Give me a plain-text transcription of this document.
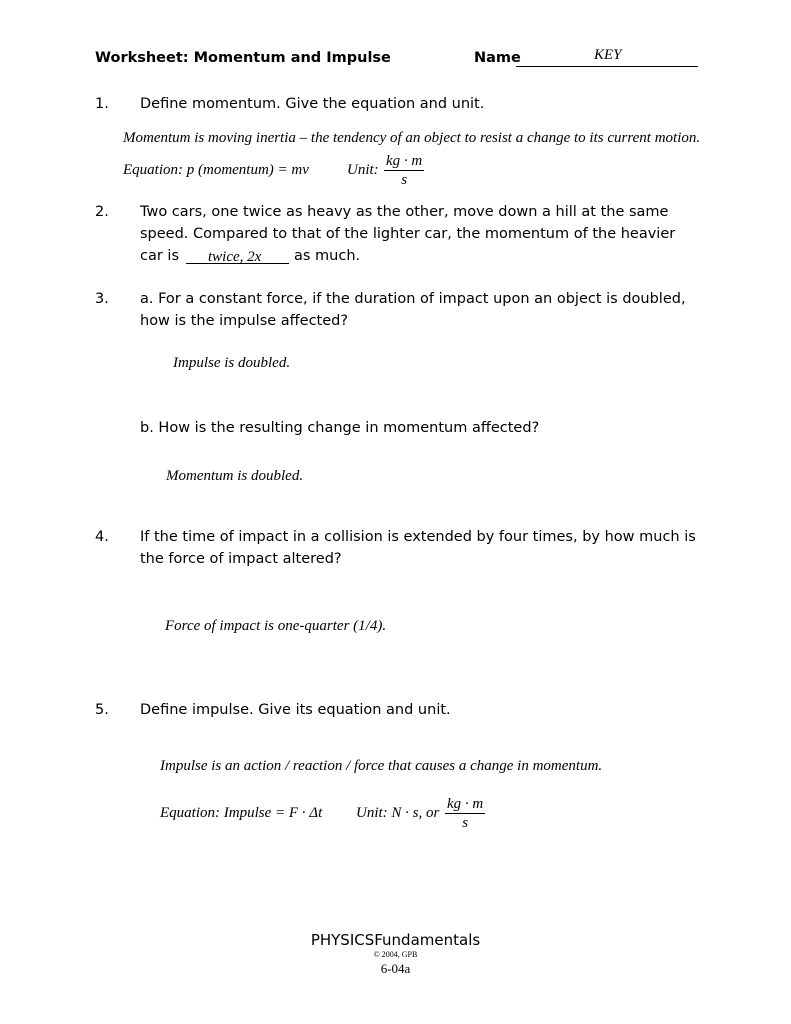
Worksheet: Momentum and Impulse	Name	KEY
1.	Define momentum. Give the equation and unit.
Momentum is moving inertia – the tendency of an object to resist a change to its current motion.
Equation: p (momentum) = mv	Unit: $\frac{kg \cdot m}{s}$
2.	Two cars, one twice as heavy as the other, move down a hill at the same
speed. Compared to that of the lighter car, the momentum of the heavier
car is twice, 2x as much.
3.	a. For a constant force, if the duration of impact upon an object is doubled,
how is the impulse affected?
Impulse is doubled.
b. How is the resulting change in momentum affected?
Momentum is doubled.
4.	If the time of impact in a collision is extended by four times, by how much is
the force of impact altered?
Force of impact is one-quarter (1/4).
5.	Define impulse. Give its equation and unit.
Impulse is an action / reaction / force that causes a change in momentum.
Equation: Impulse = F · Δt Unit: N · s, or $\frac{kg \cdot m}{s}$
PHYSICSFundamentals
© 2004, GPB
6-04a
